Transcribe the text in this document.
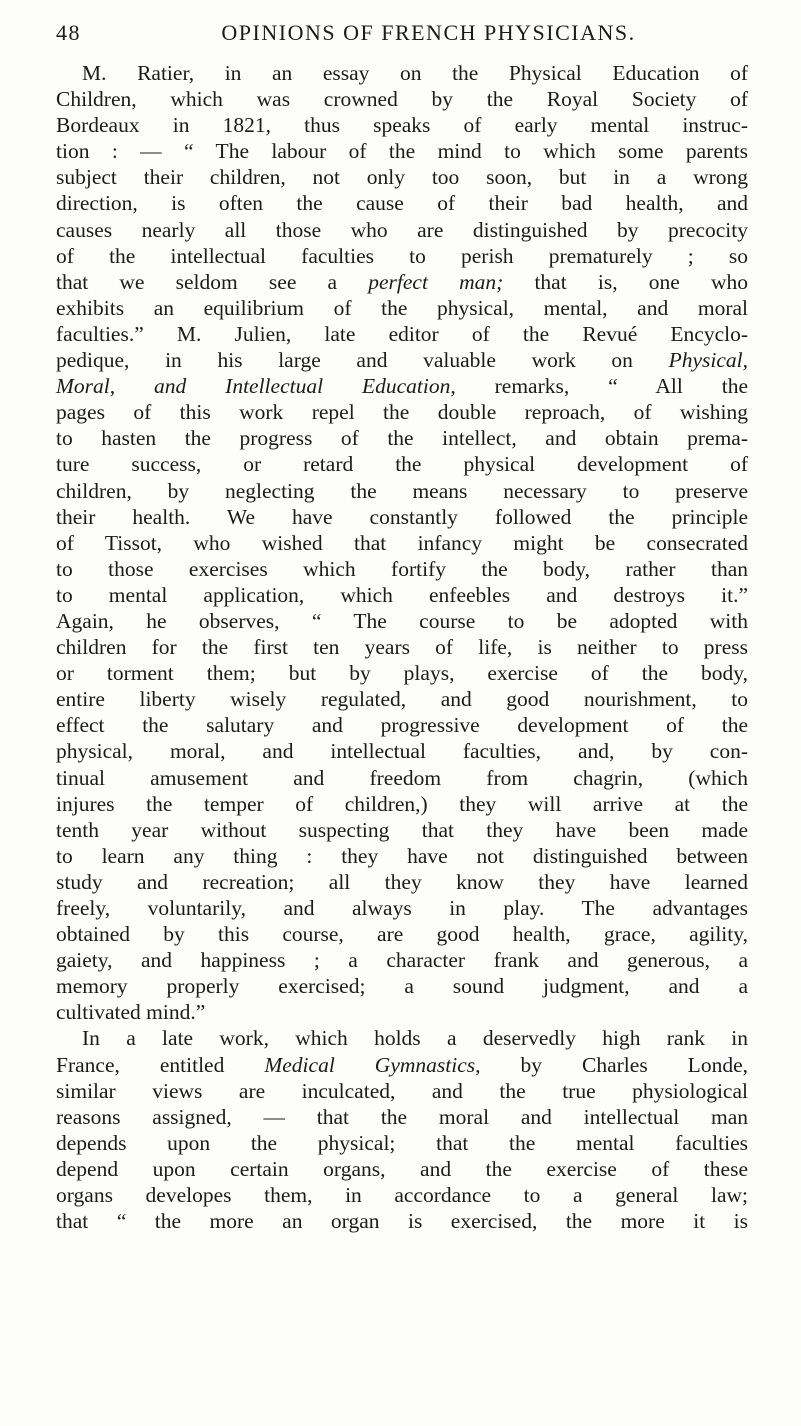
48	OPINIONS OF FRENCH PHYSICIANS.
M. Ratier, in an essay on the Physical Education of
Children, which was crowned by the Royal Society of
Bordeaux in 1821, thus speaks of early mental instruc-
tion : — “ The labour of the mind to which some parents
subject their children, not only too soon, but in a wrong
direction, is often the cause of their bad health, and
causes nearly all those who are distinguished by precocity
of the intellectual faculties to perish prematurely ; so
that we seldom see a perfect man; that is, one who
exhibits an equilibrium of the physical, mental, and moral
faculties.” M. Julien, late editor of the Revué Encyclo-
pedique, in his large and valuable work on Physical,
Moral, and Intellectual Education, remarks, “ All the
pages of this work repel the double reproach, of wishing
to hasten the progress of the intellect, and obtain prema-
ture success, or retard the physical development of
children, by neglecting the means necessary to preserve
their health. We have constantly followed the principle
of Tissot, who wished that infancy might be consecrated
to those exercises which fortify the body, rather than
to mental application, which enfeebles and destroys it.”
Again, he observes, “ The course to be adopted with
children for the first ten years of life, is neither to press
or torment them; but by plays, exercise of the body,
entire liberty wisely regulated, and good nourishment, to
effect the salutary and progressive development of the
physical, moral, and intellectual faculties, and, by con-
tinual amusement and freedom from chagrin, (which
injures the temper of children,) they will arrive at the
tenth year without suspecting that they have been made
to learn any thing : they have not distinguished between
study and recreation; all they know they have learned
freely, voluntarily, and always in play. The advantages
obtained by this course, are good health, grace, agility,
gaiety, and happiness ; a character frank and generous, a
memory properly exercised; a sound judgment, and a
cultivated mind.”
In a late work, which holds a deservedly high rank in
France, entitled Medical Gymnastics, by Charles Londe,
similar views are inculcated, and the true physiological
reasons assigned, — that the moral and intellectual man
depends upon the physical; that the mental faculties
depend upon certain organs, and the exercise of these
organs developes them, in accordance to a general law;
that “ the more an organ is exercised, the more it is
